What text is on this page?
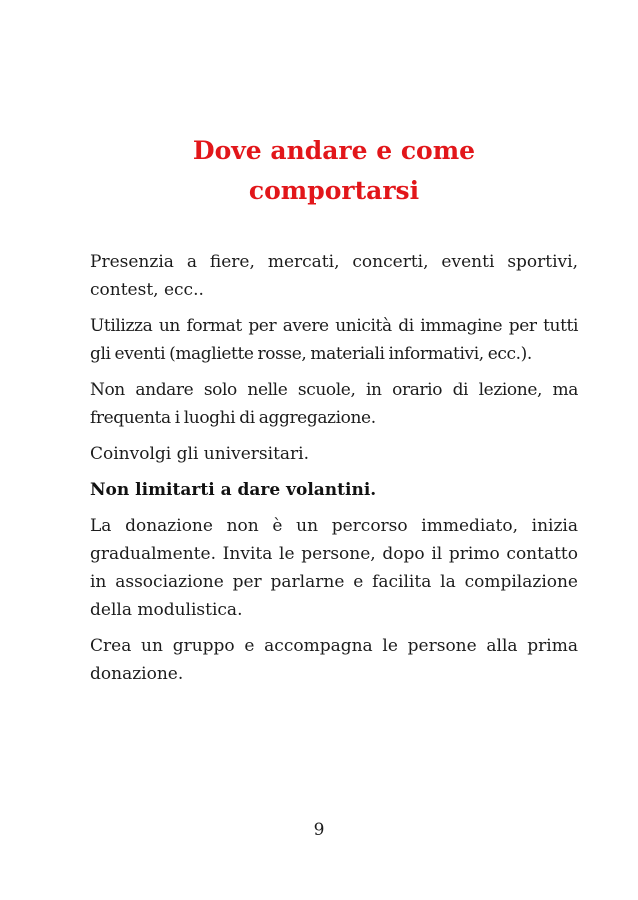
Dove andare e come
comportarsi

Presenzia a fiere, mercati, concerti, eventi sportivi, contest, ecc..

Utilizza un format per avere unicità di immagine per tutti gli eventi (magliette rosse, materiali informativi, ecc.).

Non andare solo nelle scuole, in orario di lezione, ma frequenta i luoghi di aggregazione.

Coinvolgi gli universitari.

Non limitarti a dare volantini.

La donazione non è un percorso immediato, inizia gradualmente. Invita le persone, dopo il primo contatto in associazione per parlarne e facilita la compilazione della modulistica.

Crea un gruppo e accompagna le persone alla prima donazione.

9
